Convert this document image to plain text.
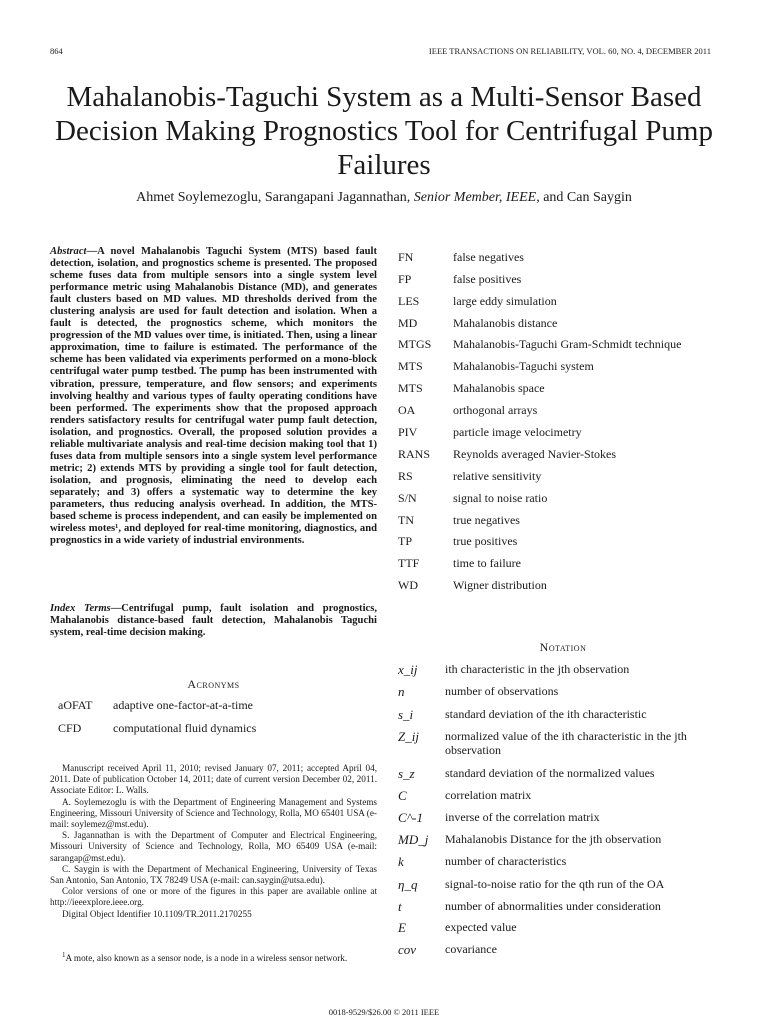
864	IEEE TRANSACTIONS ON RELIABILITY, VOL. 60, NO. 4, DECEMBER 2011
Mahalanobis-Taguchi System as a Multi-Sensor Based Decision Making Prognostics Tool for Centrifugal Pump Failures
Ahmet Soylemezoglu, Sarangapani Jagannathan, Senior Member, IEEE, and Can Saygin
Abstract—A novel Mahalanobis Taguchi System (MTS) based fault detection, isolation, and prognostics scheme is presented. The proposed scheme fuses data from multiple sensors into a single system level performance metric using Mahalanobis Distance (MD), and generates fault clusters based on MD values. MD thresholds derived from the clustering analysis are used for fault detection and isolation. When a fault is detected, the prognostics scheme, which monitors the progression of the MD values over time, is initiated. Then, using a linear approximation, time to failure is estimated. The performance of the scheme has been validated via experiments performed on a mono-block centrifugal water pump testbed. The pump has been instrumented with vibration, pressure, temperature, and flow sensors; and experiments involving healthy and various types of faulty operating conditions have been performed. The experiments show that the proposed approach renders satisfactory results for centrifugal water pump fault detection, isolation, and prognostics. Overall, the proposed solution provides a reliable multivariate analysis and real-time decision making tool that 1) fuses data from multiple sensors into a single system level performance metric; 2) extends MTS by providing a single tool for fault detection, isolation, and prognosis, eliminating the need to develop each separately; and 3) offers a systematic way to determine the key parameters, thus reducing analysis overhead. In addition, the MTS-based scheme is process independent, and can easily be implemented on wireless motes¹, and deployed for real-time monitoring, diagnostics, and prognostics in a wide variety of industrial environments.
Index Terms—Centrifugal pump, fault isolation and prognostics, Mahalanobis distance-based fault detection, Mahalanobis Taguchi system, real-time decision making.
Acronyms
aOFAT adaptive one-factor-at-a-time
CFD	computational fluid dynamics

Manuscript received April 11, 2010; revised January 07, 2011; accepted April 04, 2011. Date of publication October 14, 2011; date of current version December 02, 2011. Associate Editor: L. Walls.

A. Soylemezoglu is with the Department of Engineering Management and Systems Engineering, Missouri University of Science and Technology, Rolla, MO 65401 USA (e-mail: soylemez@mst.edu).

S. Jagannathan is with the Department of Computer and Electrical Engineering, Missouri University of Science and Technology, Rolla, MO 65409 USA (e-mail: sarangap@mst.edu).

C. Saygin is with the Department of Mechanical Engineering, University of Texas San Antonio, San Antonio, TX 78249 USA (e-mail: can.saygin@utsa.edu).

Color versions of one or more of the figures in this paper are available online at http://ieeexplore.ieee.org.

Digital Object Identifier 10.1109/TR.2011.2170255

$^1$A mote, also known as a sensor node, is a node in a wireless sensor network.
FN	false negatives
FP	false positives
LES	large eddy simulation
MD	Mahalanobis distance
MTGS Mahalanobis-Taguchi Gram-Schmidt technique
MTS	Mahalanobis-Taguchi system
MTS	Mahalanobis space
OA	orthogonal arrays
PIV	particle image velocimetry
RANS Reynolds averaged Navier-Stokes
RS	relative sensitivity
S/N	signal to noise ratio
TN	true negatives
TP	true positives
TTF	time to failure
WD	Wigner distribution
Notation
x_ij ith characteristic in the jth observation
n	number of observations
s_i	standard deviation of the ith characteristic
Z_ij normalized value of the ith characteristic in the jth observation
s_z	standard deviation of the normalized values
C	correlation matrix
C^-1 inverse of the correlation matrix
MD_j Mahalanobis Distance for the jth observation
k	number of characteristics
η_q signal-to-noise ratio for the qth run of the OA
t	number of abnormalities under consideration
E	expected value
cov covariance
0018-9529/$26.00 © 2011 IEEE
